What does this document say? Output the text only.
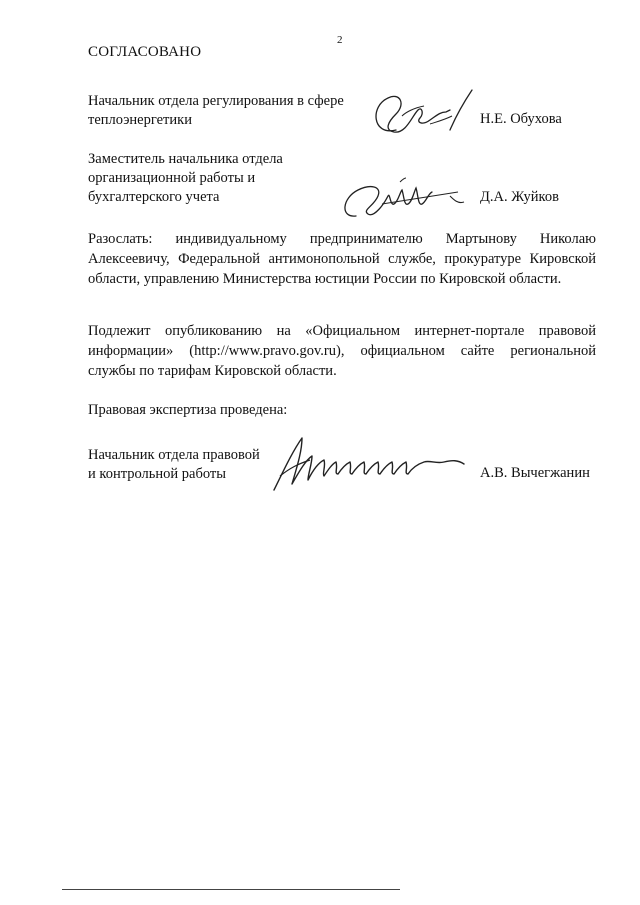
2
СОГЛАСОВАНО
Начальник отдела регулирования в сфере
теплоэнергетики	Н.Е. Обухова
Заместитель начальника отдела
организационной работы и
бухгалтерского учета	Д.А. Жуйков
Разослать: индивидуальному предпринимателю Мартынову Николаю Алексеевичу, Федеральной антимонопольной службе, прокуратуре Кировской области, управлению Министерства юстиции России по Кировской области.
Подлежит опубликованию на «Официальном интернет-портале правовой информации» (http://www.pravo.gov.ru), официальном сайте региональной службы по тарифам Кировской области.
Правовая экспертиза проведена:
Начальник отдела правовой
и контрольной работы	А.В. Вычегжанин
